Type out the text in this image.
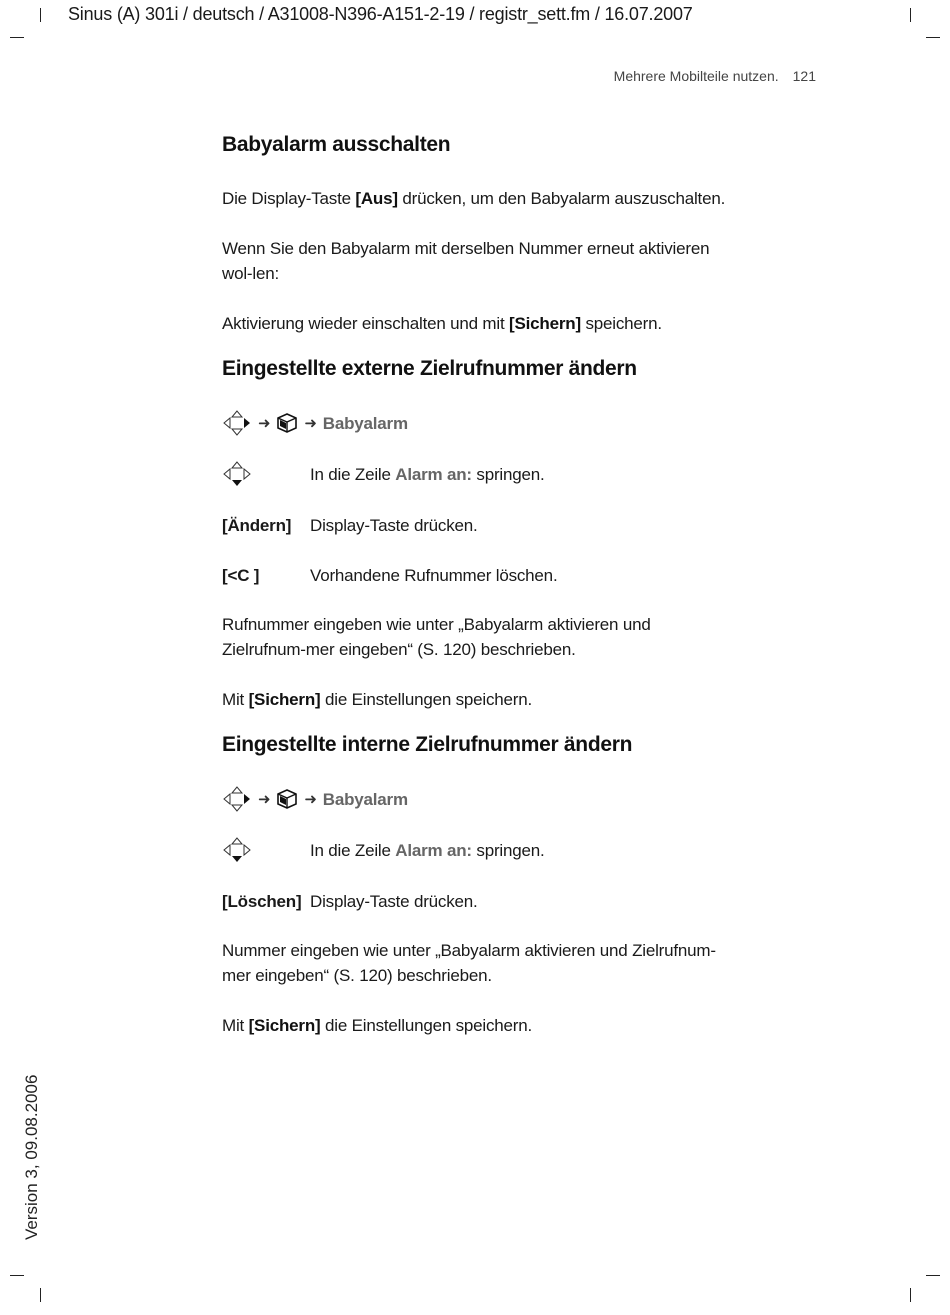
Sinus (A) 301i / deutsch / A31008-N396-A151-2-19 / registr_sett.fm / 16.07.2007
Mehrere Mobilteile nutzen. 121
Version 3, 09.08.2006
Babyalarm ausschalten

Die Display-Taste [Aus] drücken, um den Babyalarm auszuschalten.

Wenn Sie den Babyalarm mit derselben Nummer erneut aktivieren wol-len:

Aktivierung wieder einschalten und mit [Sichern] speichern.

Eingestellte externe Zielrufnummer ändern
➜ ➜ Babyalarm
In die Zeile Alarm an: springen.
[Ändern]	Display-Taste drücken.
[<C ]	Vorhandene Rufnummer löschen.

Rufnummer eingeben wie unter „Babyalarm aktivieren und Zielrufnum-mer eingeben“ (S. 120) beschrieben.

Mit [Sichern] die Einstellungen speichern.

Eingestellte interne Zielrufnummer ändern
➜ ➜ Babyalarm
In die Zeile Alarm an: springen.
[Löschen] Display-Taste drücken.

Nummer eingeben wie unter „Babyalarm aktivieren und Zielrufnum-mer eingeben“ (S. 120) beschrieben.

Mit [Sichern] die Einstellungen speichern.
